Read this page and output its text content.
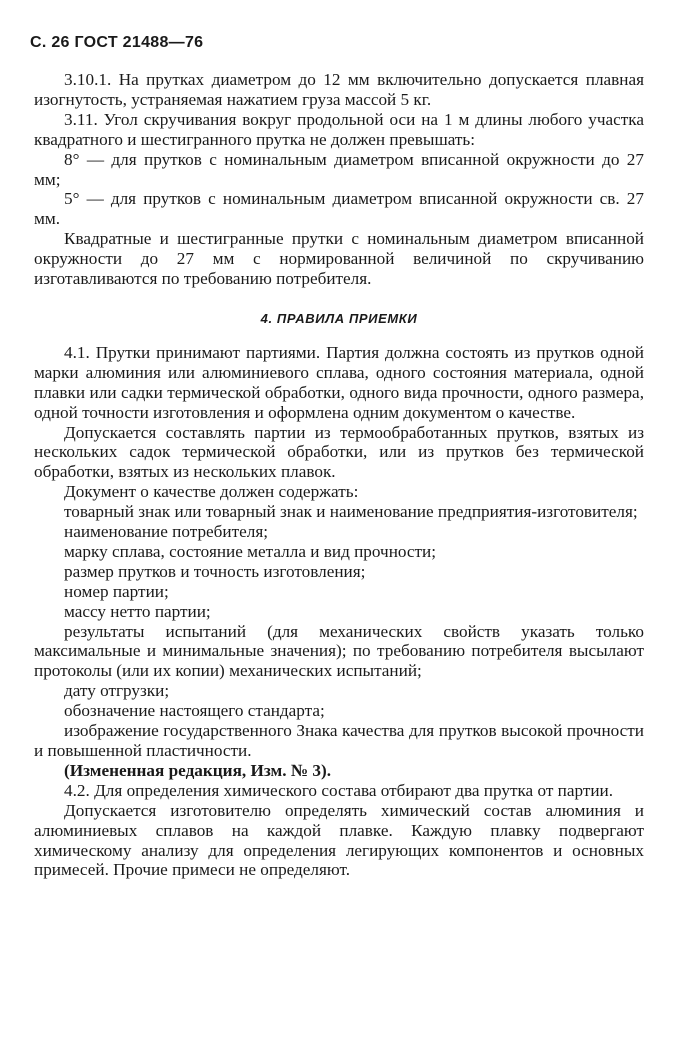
С. 26 ГОСТ 21488—76

3.10.1. На прутках диаметром до 12 мм включительно допускается плавная изогнутость, устраняемая нажатием груза массой 5 кг.

3.11. Угол скручивания вокруг продольной оси на 1 м длины любого участка квадратного и шестигранного прутка не должен превышать:

8° — для прутков с номинальным диаметром вписанной окружности до 27 мм;

5° — для прутков с номинальным диаметром вписанной окружности св. 27 мм.

Квадратные и шестигранные прутки с номинальным диаметром вписанной окружности до 27 мм с нормированной величиной по скручиванию изготавливаются по требованию потребителя.

4. ПРАВИЛА ПРИЕМКИ

4.1. Прутки принимают партиями. Партия должна состоять из прутков одной марки алюминия или алюминиевого сплава, одного состояния материала, одной плавки или садки термической обработки, одного вида прочности, одного размера, одной точности изготовления и оформлена одним документом о качестве.

Допускается составлять партии из термообработанных прутков, взятых из нескольких садок термической обработки, или из прутков без термической обработки, взятых из нескольких плавок.

Документ о качестве должен содержать:

товарный знак или товарный знак и наименование предприятия-изготовителя;

наименование потребителя;

марку сплава, состояние металла и вид прочности;

размер прутков и точность изготовления;

номер партии;

массу нетто партии;

результаты испытаний (для механических свойств указать только максимальные и минимальные значения); по требованию потребителя высылают протоколы (или их копии) механических испытаний;

дату отгрузки;

обозначение настоящего стандарта;

изображение государственного Знака качества для прутков высокой прочности и повышенной пластичности.

(Измененная редакция, Изм. № 3).

4.2. Для определения химического состава отбирают два прутка от партии.

Допускается изготовителю определять химический состав алюминия и алюминиевых сплавов на каждой плавке. Каждую плавку подвергают химическому анализу для определения легирующих компонентов и основных примесей. Прочие примеси не определяют.
